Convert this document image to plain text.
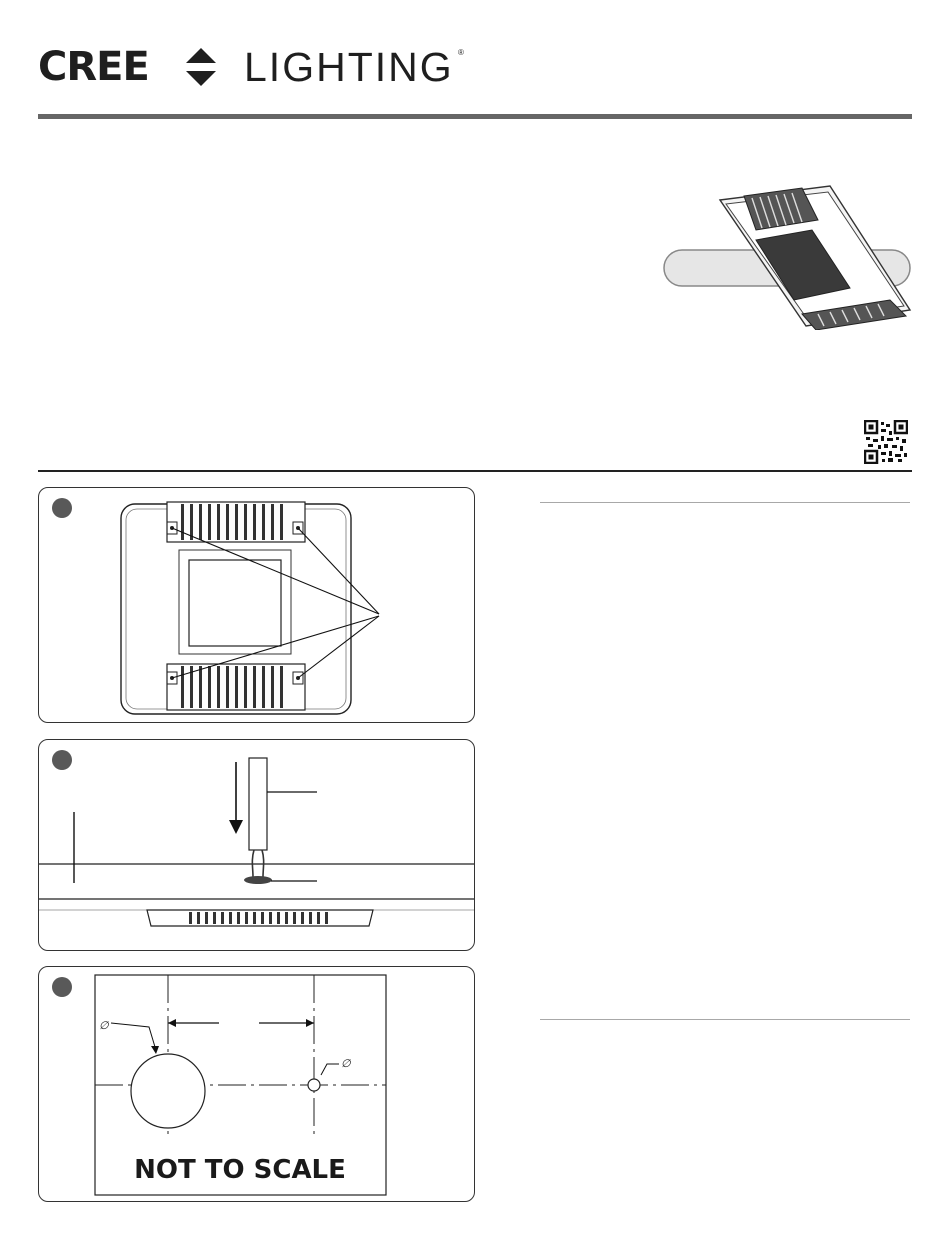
CREE LIGHTING ®
∅
∅
NOT TO SCALE
